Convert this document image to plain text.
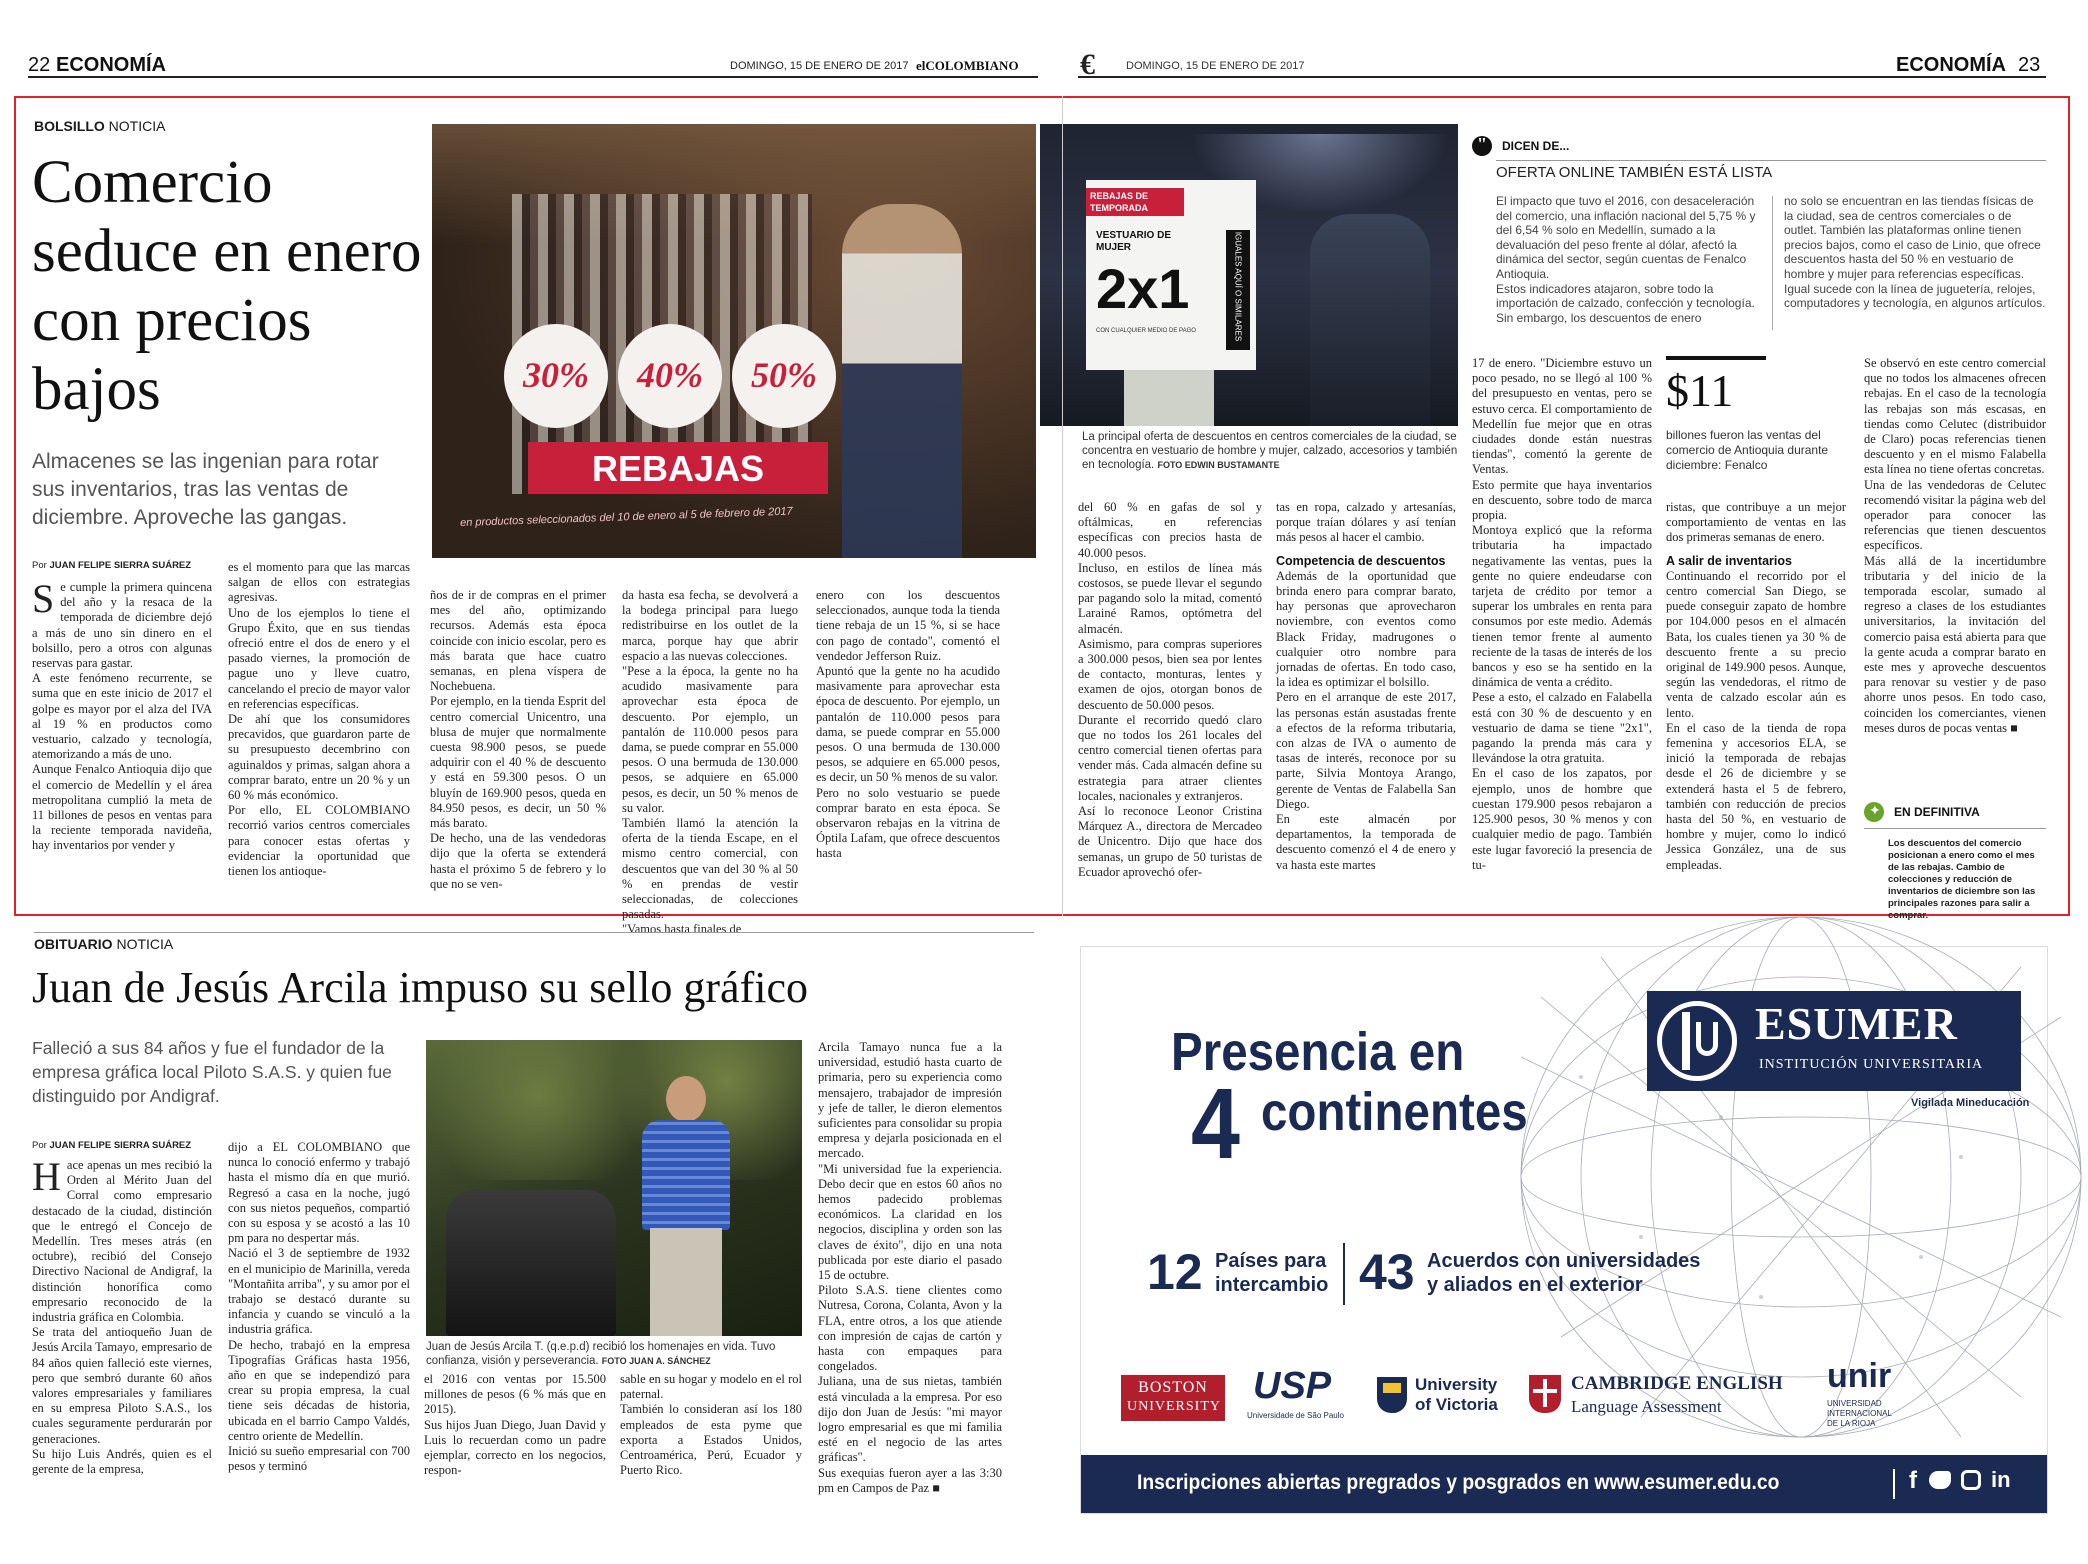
22 ECONOMÍA	DOMINGO, 15 DE ENERO DE 2017 elCOLOMBIANO €	DOMINGO, 15 DE ENERO DE 2017	ECONOMÍA 23
BOLSILLO NOTICIA
Comercio seduce en enero con precios bajos
Almacenes se las ingenian para rotar sus inventarios, tras las ventas de diciembre. Aproveche las gangas.
Por JUAN FELIPE SIERRA SUÁREZ
30%	40%	50%
REBAJAS
en productos seleccionados del 10 de enero al 5 de febrero de 2017
REBAJAS DE TEMPORADA
VESTUARIO DE MUJER
2x1
CON CUALQUIER MEDIO DE PAGO	IGUALES AQUÍ O SIMILARES
La principal oferta de descuentos en centros comerciales de la ciudad, se concentra en vestuario de hombre y mujer, calzado, accesorios y también en tecnología. FOTO EDWIN BUSTAMANTE
" DICEN DE...
OFERTA ONLINE TAMBIÉN ESTÁ LISTA
El impacto que tuvo el 2016, con desaceleración del comercio, una inflación nacional del 5,75 % y del 6,54 % solo en Medellín, sumado a la devaluación del peso frente al dólar, afectó la dinámica del sector, según cuentas de Fenalco Antioquia.
Estos indicadores atajaron, sobre todo la importación de calzado, confección y tecnología. Sin embargo, los descuentos de enero
no solo se encuentran en las tiendas físicas de la ciudad, sea de centros comerciales o de outlet. También las plataformas online tienen precios bajos, como el caso de Linio, que ofrece descuentos hasta del 50 % en vestuario de hombre y mujer para referencias específicas. Igual sucede con la línea de juguetería, relojes, computadores y tecnología, en algunos artículos.
$11
billones fueron las ventas del comercio de Antioquia durante diciembre: Fenalco
S e cumple la primera quincena del año y la resaca de la temporada de diciembre dejó a más de uno sin dinero en el bolsillo, pero a otros con algunas reservas para gastar.
A este fenómeno recurrente, se suma que en este inicio de 2017 el golpe es mayor por el alza del IVA al 19 % en productos como vestuario, calzado y tecnología, atemorizando a más de uno.
Aunque Fenalco Antioquia dijo que el comercio de Medellín y el área metropolitana cumplió la meta de 11 billones de pesos en ventas para la reciente temporada navideña, hay inventarios por vender y
es el momento para que las marcas salgan de ellos con estrategias agresivas.
Uno de los ejemplos lo tiene el Grupo Éxito, que en sus tiendas ofreció entre el dos de enero y el pasado viernes, la promoción de pague uno y lleve cuatro, cancelando el precio de mayor valor en referencias específicas.
De ahí que los consumidores precavidos, que guardaron parte de su presupuesto decembrino con aguinaldos y primas, salgan ahora a comprar barato, entre un 20 % y un 60 % más económico.
Por ello, EL COLOMBIANO recorrió varios centros comerciales para conocer estas ofertas y evidenciar la oportunidad que tienen los antioque-
ños de ir de compras en el primer mes del año, optimizando recursos. Además esta época coincide con inicio escolar, pero es más barata que hace cuatro semanas, en plena víspera de Nochebuena.
Por ejemplo, en la tienda Esprit del centro comercial Unicentro, una blusa de mujer que normalmente cuesta 98.900 pesos, se puede adquirir con el 40 % de descuento y está en 59.300 pesos. O un bluyín de 169.900 pesos, queda en 84.950 pesos, es decir, un 50 % más barato.
De hecho, una de las vendedoras dijo que la oferta se extenderá hasta el próximo 5 de febrero y lo que no se ven-
da hasta esa fecha, se devolverá a la bodega principal para luego redistribuirse en los outlet de la marca, porque hay que abrir espacio a las nuevas colecciones.
"Pese a la época, la gente no ha acudido masivamente para aprovechar esta época de descuento. Por ejemplo, un pantalón de 110.000 pesos para dama, se puede comprar en 55.000 pesos. O una bermuda de 130.000 pesos, se adquiere en 65.000 pesos, es decir, un 50 % menos de su valor.
También llamó la atención la oferta de la tienda Escape, en el mismo centro comercial, con descuentos que van del 30 % al 50 % en prendas de vestir seleccionadas, de colecciones pasadas.
"Vamos hasta finales de
enero con los descuentos seleccionados, aunque toda la tienda tiene rebaja de un 15 %, si se hace con pago de contado", comentó el vendedor Jefferson Ruiz.
Apuntó que la gente no ha acudido masivamente para aprovechar esta época de descuento. Por ejemplo, un pantalón de 110.000 pesos para dama, se puede comprar en 55.000 pesos. O una bermuda de 130.000 pesos, se adquiere en 65.000 pesos, es decir, un 50 % menos de su valor.
Pero no solo vestuario se puede comprar barato en esta época. Se observaron rebajas en la vitrina de Óptila Lafam, que ofrece descuentos hasta
del 60 % en gafas de sol y oftálmicas, en referencias específicas con precios hasta de 40.000 pesos.
Incluso, en estilos de línea más costosos, se puede llevar el segundo par pagando solo la mitad, comentó Larainé Ramos, optómetra del almacén.
Asimismo, para compras superiores a 300.000 pesos, bien sea por lentes de contacto, monturas, lentes y examen de ojos, otorgan bonos de descuento de 50.000 pesos.
Durante el recorrido quedó claro que no todos los 261 locales del centro comercial tienen ofertas para vender más. Cada almacén define su estrategia para atraer clientes locales, nacionales y extranjeros.
Así lo reconoce Leonor Cristina Márquez A., directora de Mercadeo de Unicentro. Dijo que hace dos semanas, un grupo de 50 turistas de Ecuador aprovechó ofer-
tas en ropa, calzado y artesanías, porque traían dólares y así tenían más pesos al hacer el cambio.
Competencia de descuentos
Además de la oportunidad que brinda enero para comprar barato, hay personas que aprovecharon noviembre, con eventos como Black Friday, madrugones o cualquier otro nombre para jornadas de ofertas. En todo caso, la idea es optimizar el bolsillo.
Pero en el arranque de este 2017, las personas están asustadas frente a efectos de la reforma tributaria, con alzas de IVA o aumento de tasas de interés, reconoce por su parte, Silvia Montoya Arango, gerente de Ventas de Falabella San Diego.
En este almacén por departamentos, la temporada de descuento comenzó el 4 de enero y va hasta este martes
17 de enero. "Diciembre estuvo un poco pesado, no se llegó al 100 % del presupuesto en ventas, pero se estuvo cerca. El comportamiento de Medellín fue mejor que en otras ciudades donde están nuestras tiendas", comentó la gerente de Ventas.
Esto permite que haya inventarios en descuento, sobre todo de marca propia.
Montoya explicó que la reforma tributaria ha impactado negativamente las ventas, pues la gente no quiere endeudarse con tarjeta de crédito por temor a superar los umbrales en renta para consumos por este medio. Además tienen temor frente al aumento reciente de la tasas de interés de los bancos y eso se ha sentido en la dinámica de venta a crédito.
Pese a esto, el calzado en Falabella está con 30 % de descuento y en vestuario de dama se tiene "2x1", pagando la prenda más cara y llevándose la otra gratuita.
En el caso de los zapatos, por ejemplo, unos de hombre que cuestan 179.900 pesos rebajaron a 125.900 pesos, 30 % menos y con cualquier medio de pago. También este lugar favoreció la presencia de tu-
ristas, que contribuye a un mejor comportamiento de ventas en las dos primeras semanas de enero.
A salir de inventarios
Continuando el recorrido por el centro comercial San Diego, se puede conseguir zapato de hombre por 104.000 pesos en el almacén Bata, los cuales tienen ya 30 % de descuento frente a su precio original de 149.900 pesos. Aunque, según las vendedoras, el ritmo de venta de calzado escolar aún es lento.
En el caso de la tienda de ropa femenina y accesorios ELA, se inició la temporada de rebajas desde el 26 de diciembre y se extenderá hasta el 5 de febrero, también con reducción de precios hasta del 50 %, en vestuario de hombre y mujer, como lo indicó Jessica González, una de sus empleadas.
Se observó en este centro comercial que no todos los almacenes ofrecen rebajas. En el caso de la tecnología las rebajas son más escasas, en tiendas como Celutec (distribuidor de Claro) pocas referencias tienen descuento y en el mismo Falabella esta línea no tiene ofertas concretas.
Una de las vendedoras de Celutec recomendó visitar la página web del operador para conocer las referencias que tienen descuentos específicos.
Más allá de la incertidumbre tributaria y del inicio de la temporada escolar, sumado al regreso a clases de los estudiantes universitarios, la invitación del comercio paisa está abierta para que la gente acuda a comprar barato en este mes y aproveche descuentos para renovar su vestier y de paso ahorre unos pesos. En todo caso, coinciden los comerciantes, vienen meses duros de pocas ventas ■
✦ EN DEFINITIVA
Los descuentos del comercio posicionan a enero como el mes de las rebajas. Cambio de colecciones y reducción de inventarios de diciembre son las principales razones para salir a comprar.
OBITUARIO NOTICIA
Juan de Jesús Arcila impuso su sello gráfico
Falleció a sus 84 años y fue el fundador de la empresa gráfica local Piloto S.A.S. y quien fue distinguido por Andigraf.
Por JUAN FELIPE SIERRA SUÁREZ
Juan de Jesús Arcila T. (q.e.p.d) recibió los homenajes en vida. Tuvo confianza, visión y perseverancia. FOTO JUAN A. SÁNCHEZ
H ace apenas un mes recibió la Orden al Mérito Juan del Corral como empresario destacado de la ciudad, distinción que le entregó el Concejo de Medellín. Tres meses atrás (en octubre), recibió del Consejo Directivo Nacional de Andigraf, la distinción honorífica como empresario reconocido de la industria gráfica en Colombia.
Se trata del antioqueño Juan de Jesús Arcila Tamayo, empresario de 84 años quien falleció este viernes, pero que sembró durante 60 años valores empresariales y familiares en su empresa Piloto S.A.S., los cuales seguramente perdurarán por generaciones.
Su hijo Luis Andrés, quien es el gerente de la empresa,
dijo a EL COLOMBIANO que nunca lo conoció enfermo y trabajó hasta el mismo día en que murió. Regresó a casa en la noche, jugó con sus nietos pequeños, compartió con su esposa y se acostó a las 10 pm para no despertar más.
Nació el 3 de septiembre de 1932 en el municipio de Marinilla, vereda "Montañita arriba", y su amor por el trabajo se destacó durante su infancia y cuando se vinculó a la industria gráfica.
De hecho, trabajó en la empresa Tipografías Gráficas hasta 1956, año en que se independizó para crear su propia empresa, la cual tiene seis décadas de historia, ubicada en el barrio Campo Valdés, centro oriente de Medellín.
Inició su sueño empresarial con 700 pesos y terminó
el 2016 con ventas por 15.500 millones de pesos (6 % más que en 2015).
Sus hijos Juan Diego, Juan David y Luis lo recuerdan como un padre ejemplar, correcto en los negocios, respon-
sable en su hogar y modelo en el rol paternal.
También lo consideran así los 180 empleados de esta pyme que exporta a Estados Unidos, Centroamérica, Perú, Ecuador y Puerto Rico.
Arcila Tamayo nunca fue a la universidad, estudió hasta cuarto de primaria, pero su experiencia como mensajero, trabajador de impresión y jefe de taller, le dieron elementos suficientes para consolidar su propia empresa y dejarla posicionada en el mercado.
"Mi universidad fue la experiencia. Debo decir que en estos 60 años no hemos padecido problemas económicos. La claridad en los negocios, disciplina y orden son las claves de éxito", dijo en una nota publicada por este diario el pasado 15 de octubre.
Piloto S.A.S. tiene clientes como Nutresa, Corona, Colanta, Avon y la FLA, entre otros, a los que atiende con impresión de cajas de cartón y hasta con empaques para congelados.
Juliana, una de sus nietas, también está vinculada a la empresa. Por eso dijo don Juan de Jesús: "mi mayor logro empresarial es que mi familia esté en el negocio de las artes gráficas".
Sus exequias fueron ayer a las 3:30 pm en Campos de Paz ■
ESUMER
INSTITUCIÓN UNIVERSITARIA
Vigilada Mineducación
Presencia en
4 continentes
12 Países para intercambio 43 Acuerdos con universidades y aliados en el exterior
BOSTON
UNIVERSITY USP
Universidade de São Paulo
University
of Victoria
CAMBRIDGE ENGLISH
Language Assessment
unir
UNIVERSIDAD
INTERNACIONAL
DE LA RIOJA
Inscripciones abiertas pregrados y posgrados en www.esumer.edu.co	f	in
